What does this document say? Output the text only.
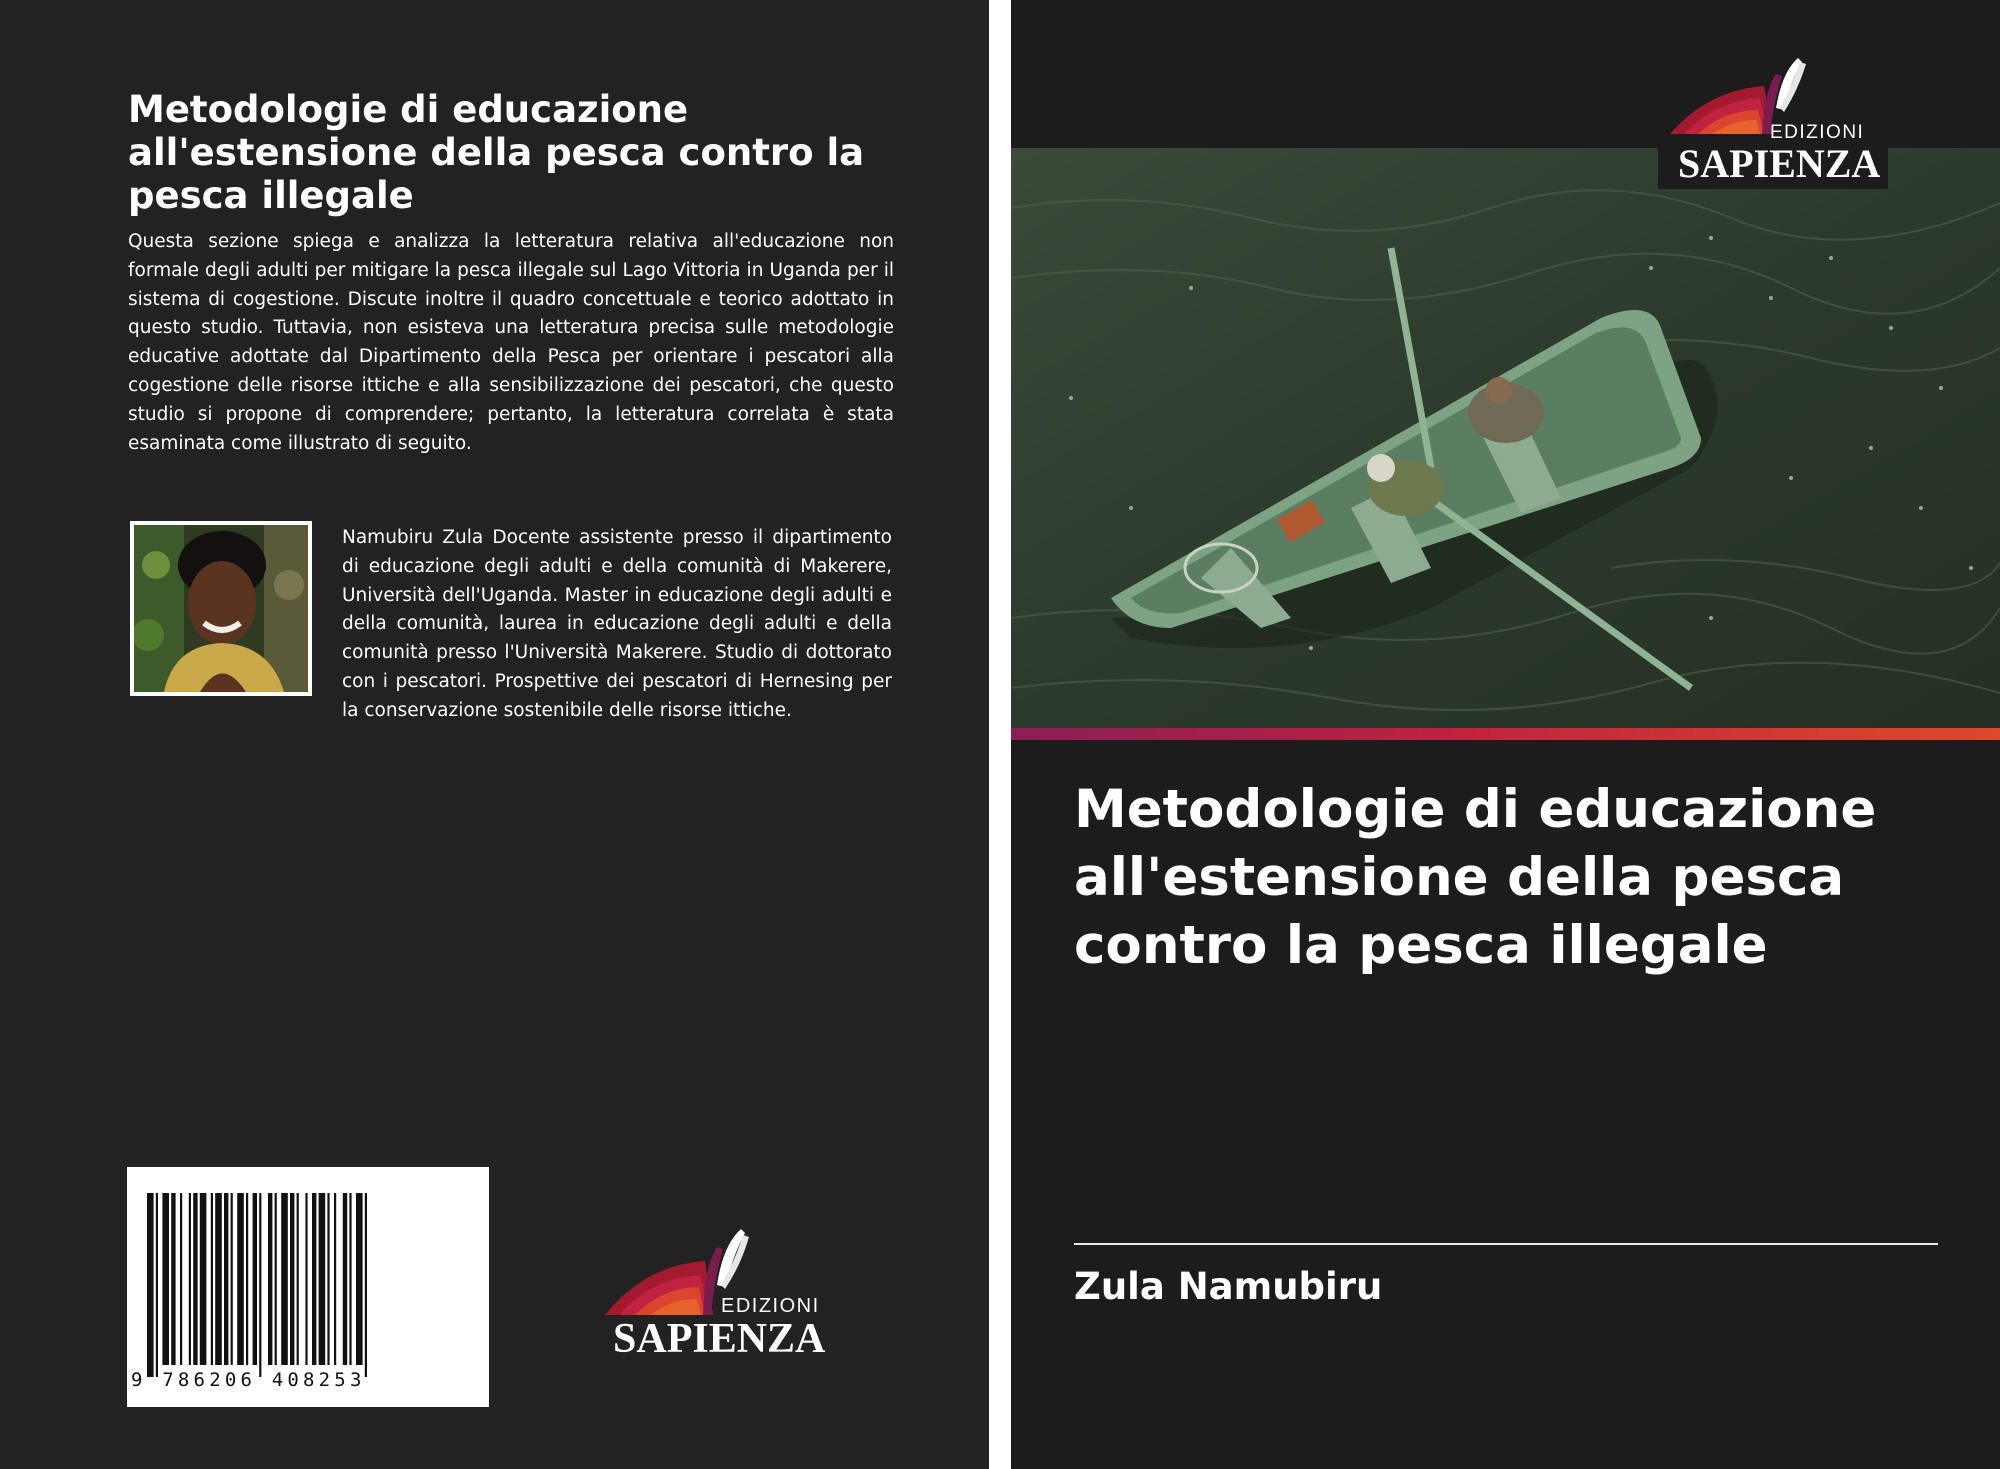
Metodologie di educazione all'estensione della pesca contro la pesca illegale
Questa sezione spiega e analizza la letteratura relativa all'educazione non formale degli adulti per mitigare la pesca illegale sul Lago Vittoria in Uganda per il sistema di cogestione. Discute inoltre il quadro concettuale e teorico adottato in questo studio. Tuttavia, non esisteva una letteratura precisa sulle metodologie educative adottate dal Dipartimento della Pesca per orientare i pescatori alla cogestione delle risorse ittiche e alla sensibilizzazione dei pescatori, che questo studio si propone di comprendere; pertanto, la letteratura correlata è stata esaminata come illustrato di seguito.
Namubiru Zula Docente assistente presso il dipartimento di educazione degli adulti e della comunità di Makerere, Università dell'Uganda. Master in educazione degli adulti e della comunità, laurea in educazione degli adulti e della comunità presso l'Università Makerere. Studio di dottorato con i pescatori. Prospettive dei pescatori di Hernesing per la conservazione sostenibile delle risorse ittiche.
9 786206 408253
EDIZIONI
SAPIENZA
EDIZIONI
SAPIENZA
Metodologie di educazione all'estensione della pesca contro la pesca illegale
Zula Namubiru
